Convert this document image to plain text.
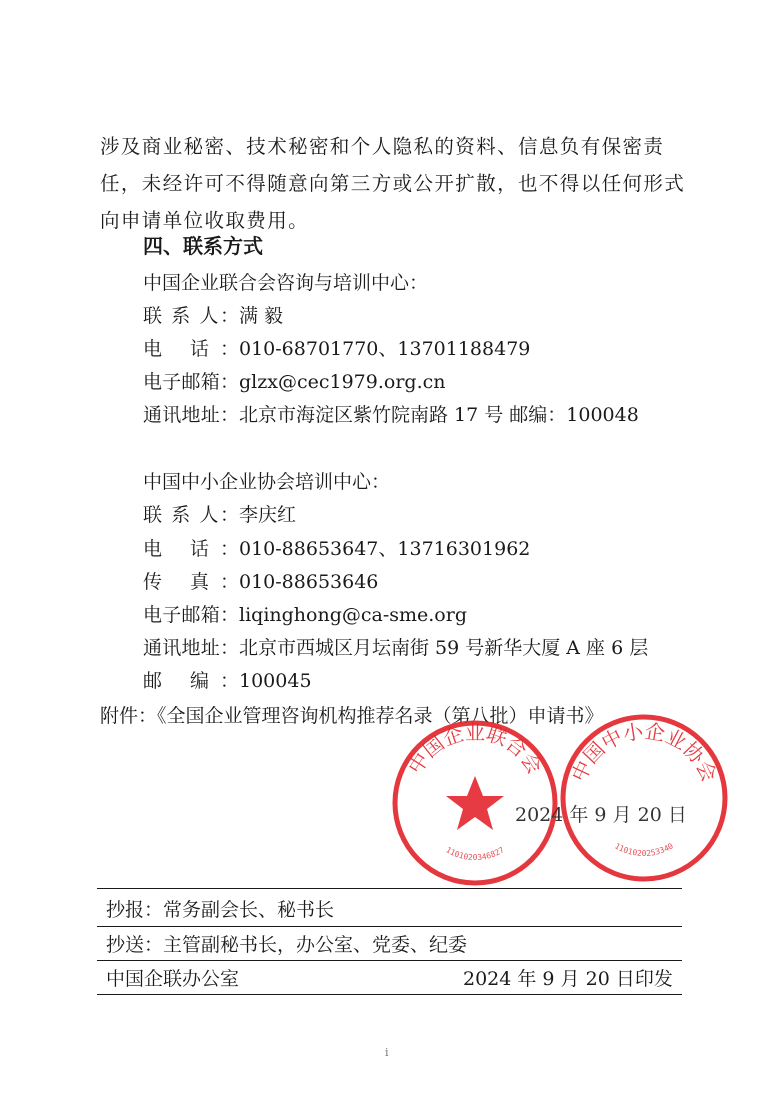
涉及商业秘密、技术秘密和个人隐私的资料、信息负有保密责任，未经许可不得随意向第三方或公开扩散，也不得以任何形式向申请单位收取费用。
四、联系方式
中国企业联合会咨询与培训中心：
联 系 人：满 毅
电 话：010-68701770、13701188479
电子邮箱：glzx@cec1979.org.cn
通讯地址：北京市海淀区紫竹院南路 17 号 邮编：100048
中国中小企业协会培训中心：
联 系 人：李庆红
电 话：010-88653647、13716301962
传 真：010-88653646
电子邮箱：liqinghong@ca-sme.org
通讯地址：北京市西城区月坛南街 59 号新华大厦 A 座 6 层
邮 编：100045
附件：《全国企业管理咨询机构推荐名录（第八批）申请书》
中国企业联合会
1101020346827
中国中小企业协会
1101020253340
2024 年 9 月 20 日
抄报：常务副会长、秘书长
抄送：主管副秘书长，办公室、党委、纪委
中国企联办公室	2024 年 9 月 20 日印发
i
